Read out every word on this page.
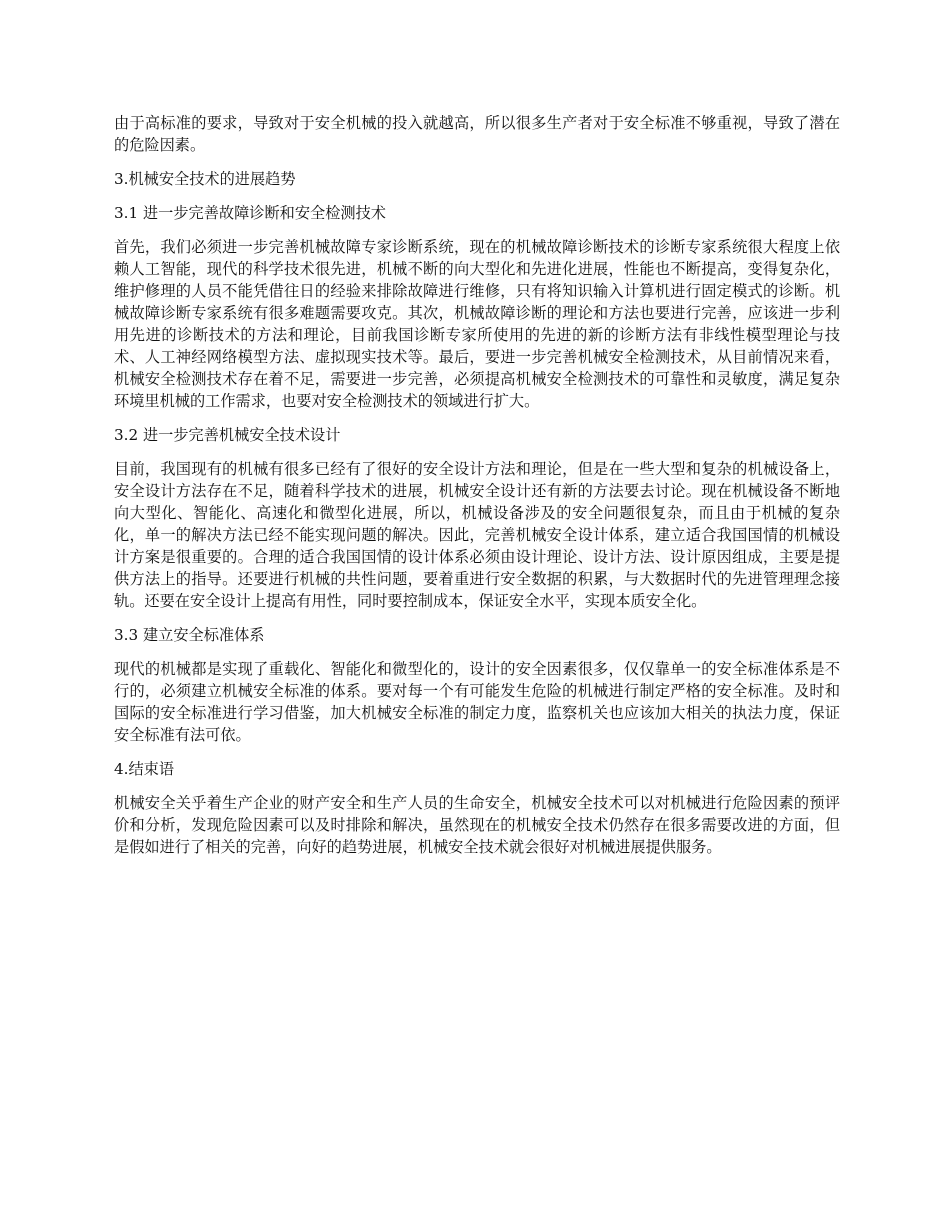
由于高标准的要求，导致对于安全机械的投入就越高，所以很多生产者对于安全标准不够重视，导致了潜在的危险因素。

3.机械安全技术的进展趋势
3.1 进一步完善故障诊断和安全检测技术

首先，我们必须进一步完善机械故障专家诊断系统，现在的机械故障诊断技术的诊断专家系统很大程度上依赖人工智能，现代的科学技术很先进，机械不断的向大型化和先进化进展，性能也不断提高，变得复杂化，维护修理的人员不能凭借往日的经验来排除故障进行维修，只有将知识输入计算机进行固定模式的诊断。机械故障诊断专家系统有很多难题需要攻克。其次，机械故障诊断的理论和方法也要进行完善，应该进一步利用先进的诊断技术的方法和理论，目前我国诊断专家所使用的先进的新的诊断方法有非线性模型理论与技术、人工神经网络模型方法、虚拟现实技术等。最后，要进一步完善机械安全检测技术，从目前情况来看，机械安全检测技术存在着不足，需要进一步完善，必须提高机械安全检测技术的可靠性和灵敏度，满足复杂环境里机械的工作需求，也要对安全检测技术的领域进行扩大。

3.2 进一步完善机械安全技术设计

目前，我国现有的机械有很多已经有了很好的安全设计方法和理论，但是在一些大型和复杂的机械设备上，安全设计方法存在不足，随着科学技术的进展，机械安全设计还有新的方法要去讨论。现在机械设备不断地向大型化、智能化、高速化和微型化进展，所以，机械设备涉及的安全问题很复杂，而且由于机械的复杂化，单一的解决方法已经不能实现问题的解决。因此，完善机械安全设计体系，建立适合我国国情的机械设计方案是很重要的。合理的适合我国国情的设计体系必须由设计理论、设计方法、设计原因组成，主要是提供方法上的指导。还要进行机械的共性问题，要着重进行安全数据的积累，与大数据时代的先进管理理念接轨。还要在安全设计上提高有用性，同时要控制成本，保证安全水平，实现本质安全化。

3.3 建立安全标准体系

现代的机械都是实现了重载化、智能化和微型化的，设计的安全因素很多，仅仅靠单一的安全标准体系是不行的，必须建立机械安全标准的体系。要对每一个有可能发生危险的机械进行制定严格的安全标准。及时和国际的安全标准进行学习借鉴，加大机械安全标准的制定力度，监察机关也应该加大相关的执法力度，保证安全标准有法可依。

4.结束语

机械安全关乎着生产企业的财产安全和生产人员的生命安全，机械安全技术可以对机械进行危险因素的预评价和分析，发现危险因素可以及时排除和解决，虽然现在的机械安全技术仍然存在很多需要改进的方面，但是假如进行了相关的完善，向好的趋势进展，机械安全技术就会很好对机械进展提供服务。
